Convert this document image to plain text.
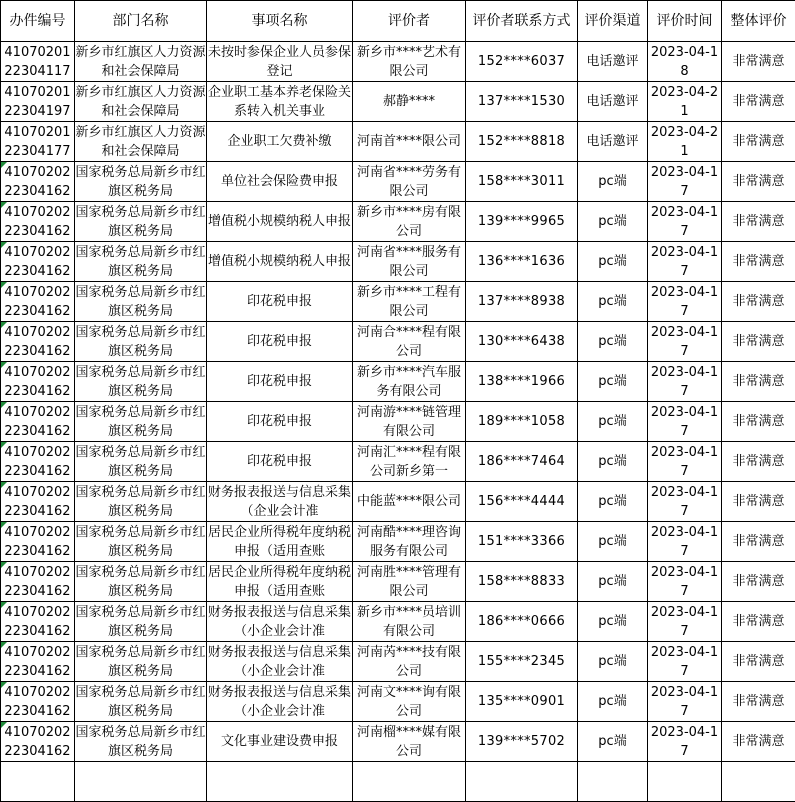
办件编号	部门名称	事项名称	评价者	评价者联系方式	评价渠道	评价时间	整体评价

41070201 22304117	新乡市红旗区人力资源和社会保障局	未按时参保企业人员参保登记	新乡市****艺术有限公司	152****6037	电话邀评	2023-04-18	非常满意

41070201 22304197	新乡市红旗区人力资源和社会保障局	企业职工基本养老保险关系转入机关事业	郝静****	137****1530	电话邀评	2023-04-21	非常满意

41070201 22304177	新乡市红旗区人力资源和社会保障局	企业职工欠费补缴	河南首****限公司	152****8818	电话邀评	2023-04-21	非常满意

41070202 22304162	国家税务总局新乡市红旗区税务局	单位社会保险费申报	河南省****劳务有限公司	158****3011	pc端	2023-04-17	非常满意

41070202 22304162	国家税务总局新乡市红旗区税务局	增值税小规模纳税人申报	新乡市****房有限公司	139****9965	pc端	2023-04-17	非常满意

41070202 22304162	国家税务总局新乡市红旗区税务局	增值税小规模纳税人申报	河南省****服务有限公司	136****1636	pc端	2023-04-17	非常满意

41070202 22304162	国家税务总局新乡市红旗区税务局	印花税申报	新乡市****工程有限公司	137****8938	pc端	2023-04-17	非常满意

41070202 22304162	国家税务总局新乡市红旗区税务局	印花税申报	河南合****程有限公司	130****6438	pc端	2023-04-17	非常满意

41070202 22304162	国家税务总局新乡市红旗区税务局	印花税申报	新乡市****汽车服务有限公司	138****1966	pc端	2023-04-17	非常满意

41070202 22304162	国家税务总局新乡市红旗区税务局	印花税申报	河南游****链管理有限公司	189****1058	pc端	2023-04-17	非常满意

41070202 22304162	国家税务总局新乡市红旗区税务局	印花税申报	河南汇****程有限公司新乡第一	186****7464	pc端	2023-04-17	非常满意

41070202 22304162	国家税务总局新乡市红旗区税务局	财务报表报送与信息采集（企业会计准	中能蓝****限公司	156****4444	pc端	2023-04-17	非常满意

41070202 22304162	国家税务总局新乡市红旗区税务局	居民企业所得税年度纳税申报（适用查账	河南酷****理咨询服务有限公司	151****3366	pc端	2023-04-17	非常满意

41070202 22304162	国家税务总局新乡市红旗区税务局	居民企业所得税年度纳税申报（适用查账	河南胜****管理有限公司	158****8833	pc端	2023-04-17	非常满意

41070202 22304162	国家税务总局新乡市红旗区税务局	财务报表报送与信息采集（小企业会计准	新乡市****员培训有限公司	186****0666	pc端	2023-04-17	非常满意

41070202 22304162	国家税务总局新乡市红旗区税务局	财务报表报送与信息采集（小企业会计准	河南芮****技有限公司	155****2345	pc端	2023-04-17	非常满意

41070202 22304162	国家税务总局新乡市红旗区税务局	财务报表报送与信息采集（小企业会计准	河南文****询有限公司	135****0901	pc端	2023-04-17	非常满意

41070202 22304162	国家税务总局新乡市红旗区税务局	文化事业建设费申报	河南榴****媒有限公司	139****5702	pc端	2023-04-17	非常满意
